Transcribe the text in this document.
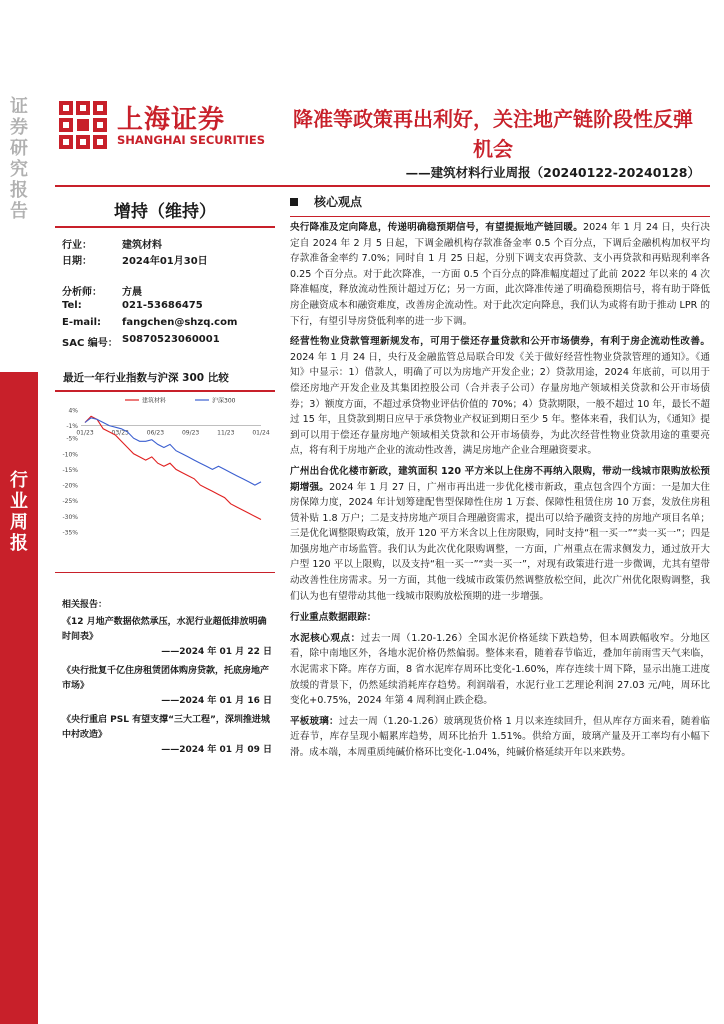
证券研究报告
行业周报
上海证券
SHANGHAI SECURITIES
降准等政策再出利好，关注地产链阶段性反弹机会
——建筑材料行业周报（20240122-20240128）
增持（维持）
行业：	建筑材料
日期：	2024年01月30日
分析师： 方晨
Tel:	021-53686475
E-mail: fangchen@shzq.com
SAC 编号： S0870523060001
最近一年行业指数与沪深 300 比较
4%
-1%
-5%
-10%
-15%
-20%
-25%
-30%
-35%
01/23	03/23	06/23	09/23	11/23	01/24
建筑材料	沪深300
相关报告：
《12 月地产数据依然承压，水泥行业超低排放明确时间表》
——2024 年 01 月 22 日
《央行批复千亿住房租赁团体购房贷款，托底房地产市场》
——2024 年 01 月 16 日
《央行重启 PSL 有望支撑“三大工程”，深圳推进城中村改造》
——2024 年 01 月 09 日
核心观点

央行降准及定向降息，传递明确稳预期信号，有望提振地产链回暖。2024 年 1 月 24 日，央行决定自 2024 年 2 月 5 日起，下调金融机构存款准备金率 0.5 个百分点，下调后金融机构加权平均存款准备金率约 7.0%；同时自 1 月 25 日起，分别下调支农再贷款、支小再贷款和再贴现利率各 0.25 个百分点。对于此次降准，一方面 0.5 个百分点的降准幅度超过了此前 2022 年以来的 4 次降准幅度，释放流动性预计超过万亿；另一方面，此次降准传递了明确稳预期信号，将有助于降低房企融资成本和融资难度，改善房企流动性。对于此次定向降息，我们认为或将有助于推动 LPR 的下行，有望引导房贷低利率的进一步下调。

经营性物业贷款管理新规发布，可用于偿还存量贷款和公开市场债券，有利于房企流动性改善。2024 年 1 月 24 日，央行及金融监管总局联合印发《关于做好经营性物业贷款管理的通知》。《通知》中显示：1）借款人，明确了可以为房地产开发企业；2）贷款用途，2024 年底前，可以用于偿还房地产开发企业及其集团控股公司（合并表子公司）存量房地产领域相关贷款和公开市场债券；3）额度方面，不超过承贷物业评估价值的 70%；4）贷款期限，一般不超过 10 年，最长不超过 15 年，且贷款到期日应早于承贷物业产权证到期日至少 5 年。整体来看，我们认为，《通知》提到可以用于偿还存量房地产领域相关贷款和公开市场债券，为此次经营性物业贷款用途的重要亮点，将有利于房地产企业的流动性改善，满足房地产企业合理融资要求。

广州出台优化楼市新政，建筑面积 120 平方米以上住房不再纳入限购，带动一线城市限购放松预期增强。2024 年 1 月 27 日，广州市再出进一步优化楼市新政，重点包含四个方面：一是加大住房保障力度，2024 年计划筹建配售型保障性住房 1 万套、保障性租赁住房 10 万套，发放住房租赁补贴 1.8 万户；二是支持房地产项目合理融资需求，提出可以给予融资支持的房地产项目名单；三是优化调整限购政策，放开 120 平方米含以上住房限购，同时支持“租一买一”“卖一买一”；四是加强房地产市场监管。我们认为此次优化限购调整，一方面，广州重点在需求侧发力，通过放开大户型 120 平以上限购，以及支持“租一买一”“卖一买一”，对现有政策进行进一步微调，尤其有望带动改善性住房需求。另一方面，其他一线城市政策仍然调整放松空间，此次广州优化限购调整，我们认为也有望带动其他一线城市限购放松预期的进一步增强。

行业重点数据跟踪：

水泥核心观点：过去一周（1.20-1.26）全国水泥价格延续下跌趋势，但本周跌幅收窄。分地区看，除中南地区外，各地水泥价格仍然偏弱。整体来看，随着春节临近，叠加年前雨雪天气来临，水泥需求下降。库存方面，8 省水泥库存周环比变化-1.60%，库存连续十周下降，显示出施工进度放缓的背景下，仍然延续消耗库存趋势。利润端看，水泥行业工艺理论利润 27.03 元/吨，周环比变化+0.75%，2024 年第 4 周利润止跌企稳。

平板玻璃：过去一周（1.20-1.26）玻璃现货价格 1 月以来连续回升，但从库存方面来看，随着临近春节，库存呈现小幅累库趋势，周环比抬升 1.51%。供给方面，玻璃产量及开工率均有小幅下滑。成本端，本周重质纯碱价格环比变化-1.04%，纯碱价格延续开年以来跌势。
